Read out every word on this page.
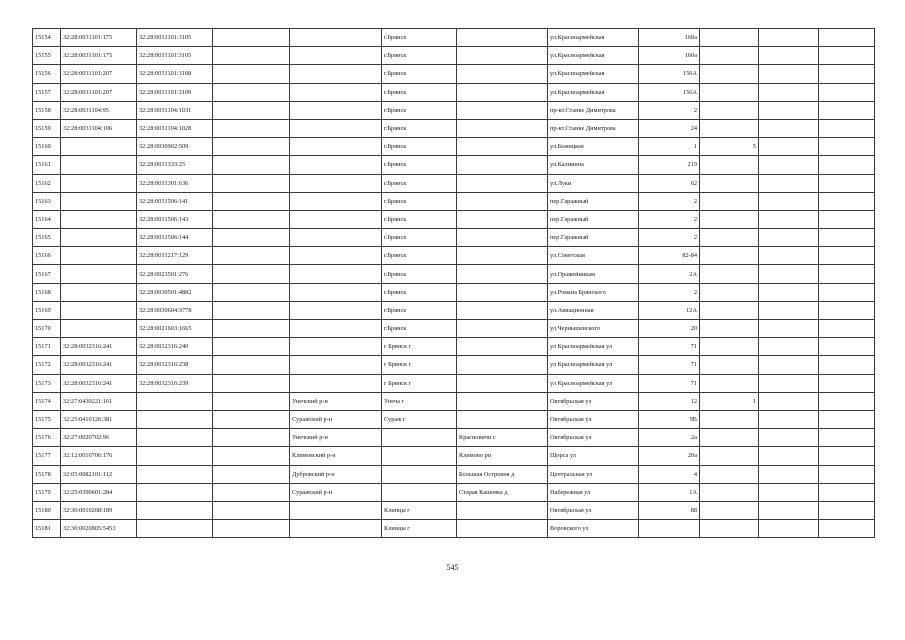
15154	32:28:0031101:175	32:28:0031101:3105			г.Брянск		ул.Красноармейская	160а			
15155	32:28:0031101:175	32:28:0031101:3105			г.Брянск		ул.Красноармейская	160а			
15156	32:28:0031101:207	32:28:0031101:3108			г.Брянск		ул.Красноармейская	156А			
15157	32:28:0031101:207	32:28:0031101:3109			г.Брянск		ул.Красноармейская	156А			
15158	32:28:0031104:95	32:28:0031104:1031			г.Брянск		пр-кт.Станке Димитрова	2			
15159	32:28:0031104:106	32:28:0031104:1028			г.Брянск		пр-кт.Станке Димитрова	24			
15160		32:28:0030902:509			г.Брянск		ул.Бежицкая	1	5		
15161		32:28:0031333:25			г.Брянск		ул.Калинина	219			
15162		32:28:0031301:636			г.Брянск		ул.Луки	62			
15163		32:28:0031506:141			г.Брянск		пер.Гаражный	2			
15164		32:28:0031506:143			г.Брянск		пер.Гаражный	2			
15165		32:28:0031506:144			г.Брянск		пер.Гаражный	2			
15166		32:28:0031217:129			г.Брянск		ул.Советская	82-84			
15167		32:28:0023501:276			г.Брянск		ул.Оражейникам	2А			
15168		32:28:0030501:4882			г.Брянск		ул.Романа Брянского	2			
15169		32:28:0030604:3778			г.Брянск		ул.Авиационная	12А			
15170		32:28:0021603:1665			г.Брянск		ул.Чернышевского	20			
15171	32:28:0032316:241	32:28:0032316:240			г Брянск г		ул Красноармейская ул	71			
15172	32:28:0032316:241	32:28:0032316:238			г Брянск г		ул Красноармейская ул	71			
15173	32:28:0032316:241	32:28:0032316:239			г Брянск г		ул Красноармейская ул	71			
15174	32:27:0430221:161			Унечский р-н	Унеча г		Октябрьская ул	12	1		
15175	32:25:0410126:381			Суражский р-н	Сураж г		Октябрьская ул	9В			
15176	32:27:0020702:96			Унечский р-н		Красновичи с	Октябрьская ул	2а			
15177	32:12:0010706:176			Климовский р-н		Климово рп	Щорса ул	20а			
15178	32:05:0082101:112			Дубровский р-н		Большая Островня д	Центральная ул	4			
15179	32:25:0390601:284			Суражский р-н		Старая Кашовка д	Набережная ул	1А			
15180	32:30:0010208:189				Клинцы г		Октябрьская ул	88			
15181	32:30:0020805:5453				Клинцы г		Воровского ул				
545
